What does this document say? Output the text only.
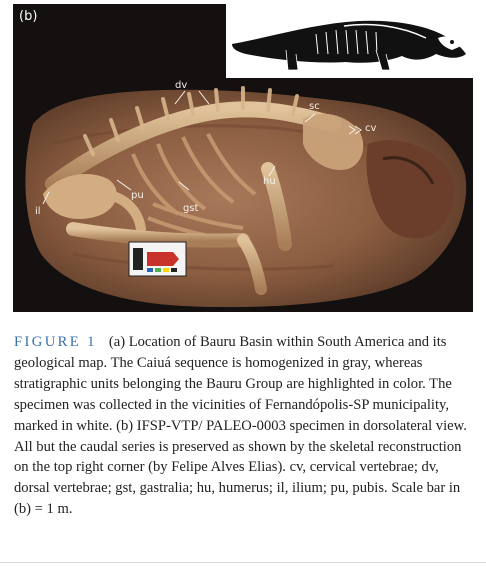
(b)
dv
sc
cv
pu
hu
il	gst
FIGURE 1 (a) Location of Bauru Basin within South America and its geological map. The Caiuá sequence is homogenized in gray, whereas stratigraphic units belonging the Bauru Group are highlighted in color. The specimen was collected in the vicinities of Fernandópolis-SP municipality, marked in white. (b) IFSP-VTP/ PALEO-0003 specimen in dorsolateral view. All but the caudal series is preserved as shown by the skeletal reconstruction on the top right corner (by Felipe Alves Elias). cv, cervical vertebrae; dv, dorsal vertebrae; gst, gastralia; hu, humerus; il, ilium; pu, pubis. Scale bar in (b) = 1 m.
